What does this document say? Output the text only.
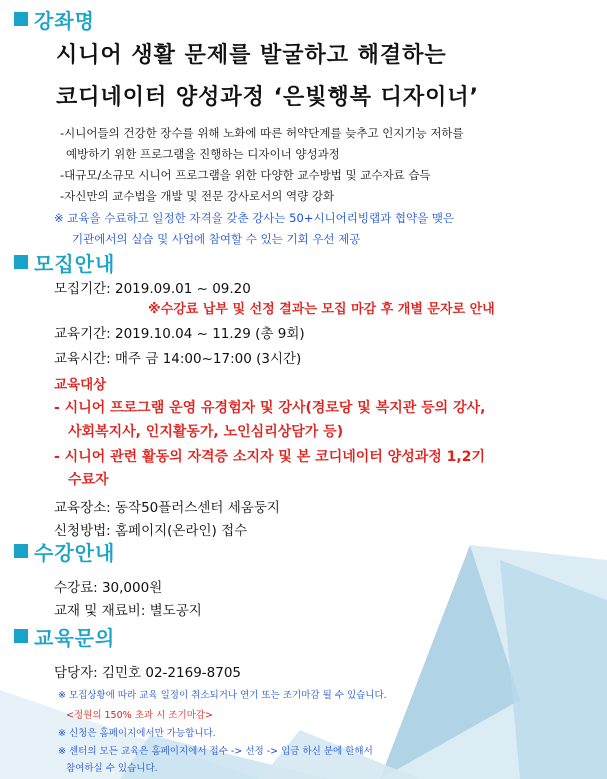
강좌명
시니어 생활 문제를 발굴하고 해결하는
코디네이터 양성과정 ‘은빛행복 디자이너’
-시니어들의 건강한 장수를 위해 노화에 따른 허약단계를 늦추고 인지기능 저하를
예방하기 위한 프로그램을 진행하는 디자이너 양성과정
-대규모/소규모 시니어 프로그램을 위한 다양한 교수방법 및 교수자료 습득
-자신만의 교수법을 개발 및 전문 강사로서의 역량 강화
※ 교육을 수료하고 일정한 자격을 갖춘 강사는 50+시니어리빙랩과 협약을 맺은
기관에서의 실습 및 사업에 참여할 수 있는 기회 우선 제공
모집안내
모집기간: 2019.09.01 ~ 09.20
※수강료 납부 및 선정 결과는 모집 마감 후 개별 문자로 안내
교육기간: 2019.10.04 ~ 11.29 (총 9회)
교육시간: 매주 금 14:00~17:00 (3시간)
교육대상
- 시니어 프로그램 운영 유경험자 및 강사(경로당 및 복지관 등의 강사,
사회복지사, 인지활동가, 노인심리상담가 등)
- 시니어 관련 활동의 자격증 소지자 및 본 코디네이터 양성과정 1,2기
수료자
교육장소: 동작50플러스센터 세움둥지
신청방법: 홈페이지(온라인) 접수
수강안내
수강료: 30,000원
교재 및 재료비: 별도공지
교육문의
담당자: 김민호 02-2169-8705
※ 모집상황에 따라 교육 일정이 취소되거나 연기 또는 조기마감 될 수 있습니다.
<정원의 150% 초과 시 조기마감>
※ 신청은 홈페이지에서만 가능합니다.
※ 센터의 모든 교육은 홈페이지에서 접수 -> 선정 -> 입금 하신 분에 한해서
참여하실 수 있습니다.
